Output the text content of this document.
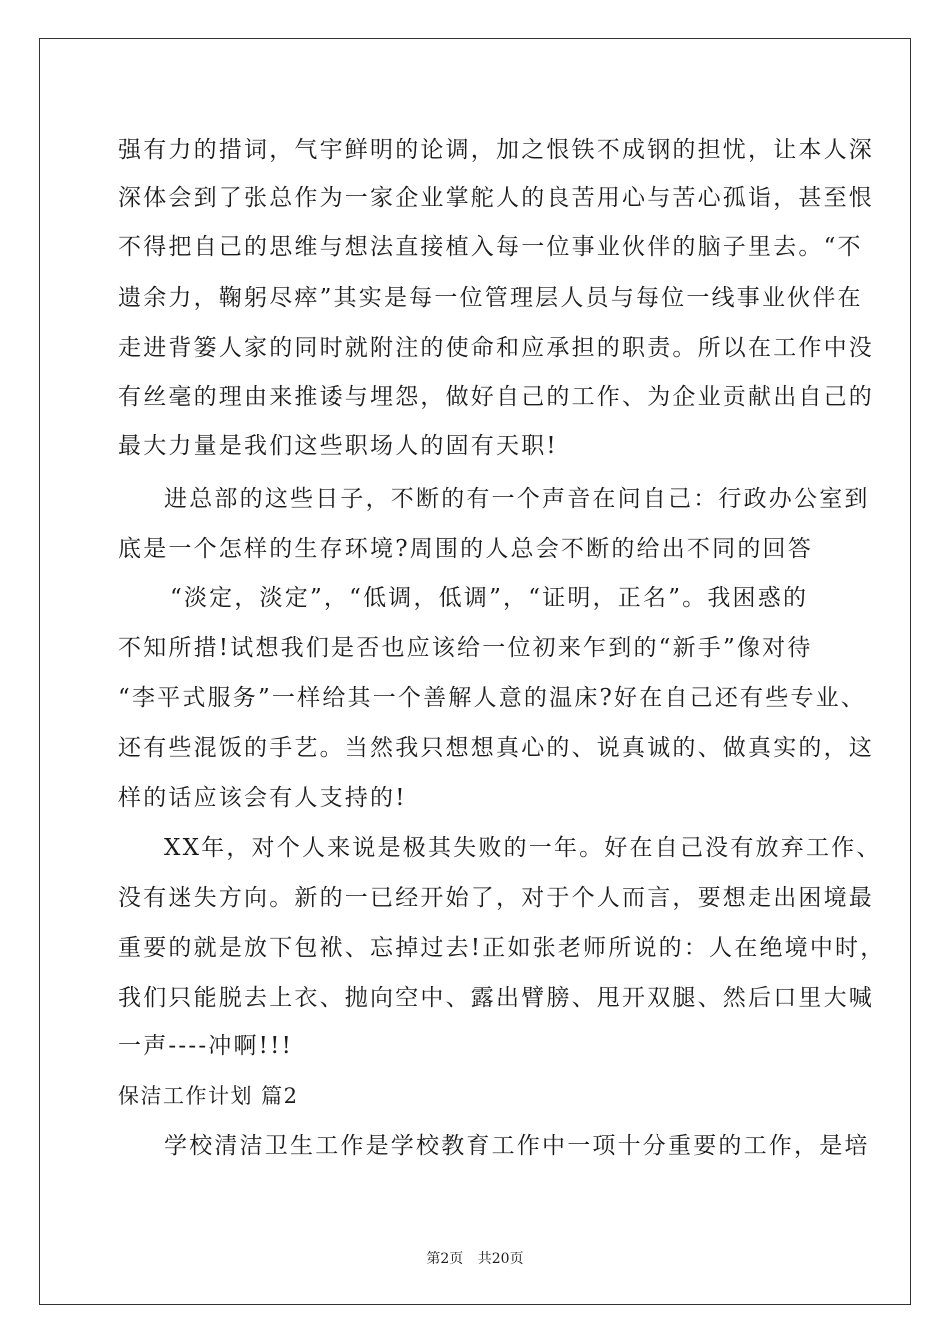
强有力的措词，气宇鲜明的论调，加之恨铁不成钢的担忧，让本人深

深体会到了张总作为一家企业掌舵人的良苦用心与苦心孤诣，甚至恨

不得把自己的思维与想法直接植入每一位事业伙伴的脑子里去。“不

遗余力，鞠躬尽瘁”其实是每一位管理层人员与每位一线事业伙伴在

走进背篓人家的同时就附注的使命和应承担的职责。所以在工作中没

有丝毫的理由来推诿与埋怨，做好自己的工作、为企业贡献出自己的

最大力量是我们这些职场人的固有天职!

进总部的这些日子，不断的有一个声音在问自己：行政办公室到

底是一个怎样的生存环境?周围的人总会不断的给出不同的回答

“淡定，淡定”，“低调，低调”，“证明，正名”。我困惑的

不知所措!试想我们是否也应该给一位初来乍到的“新手”像对待

“李平式服务”一样给其一个善解人意的温床?好在自己还有些专业、

还有些混饭的手艺。当然我只想想真心的、说真诚的、做真实的，这

样的话应该会有人支持的!

XX年，对个人来说是极其失败的一年。好在自己没有放弃工作、

没有迷失方向。新的一已经开始了，对于个人而言，要想走出困境最

重要的就是放下包袱、忘掉过去!正如张老师所说的：人在绝境中时，

我们只能脱去上衣、抛向空中、露出臂膀、甩开双腿、然后口里大喊

一声----冲啊!!!

保洁工作计划 篇2

学校清洁卫生工作是学校教育工作中一项十分重要的工作，是培

第2页 共20页
